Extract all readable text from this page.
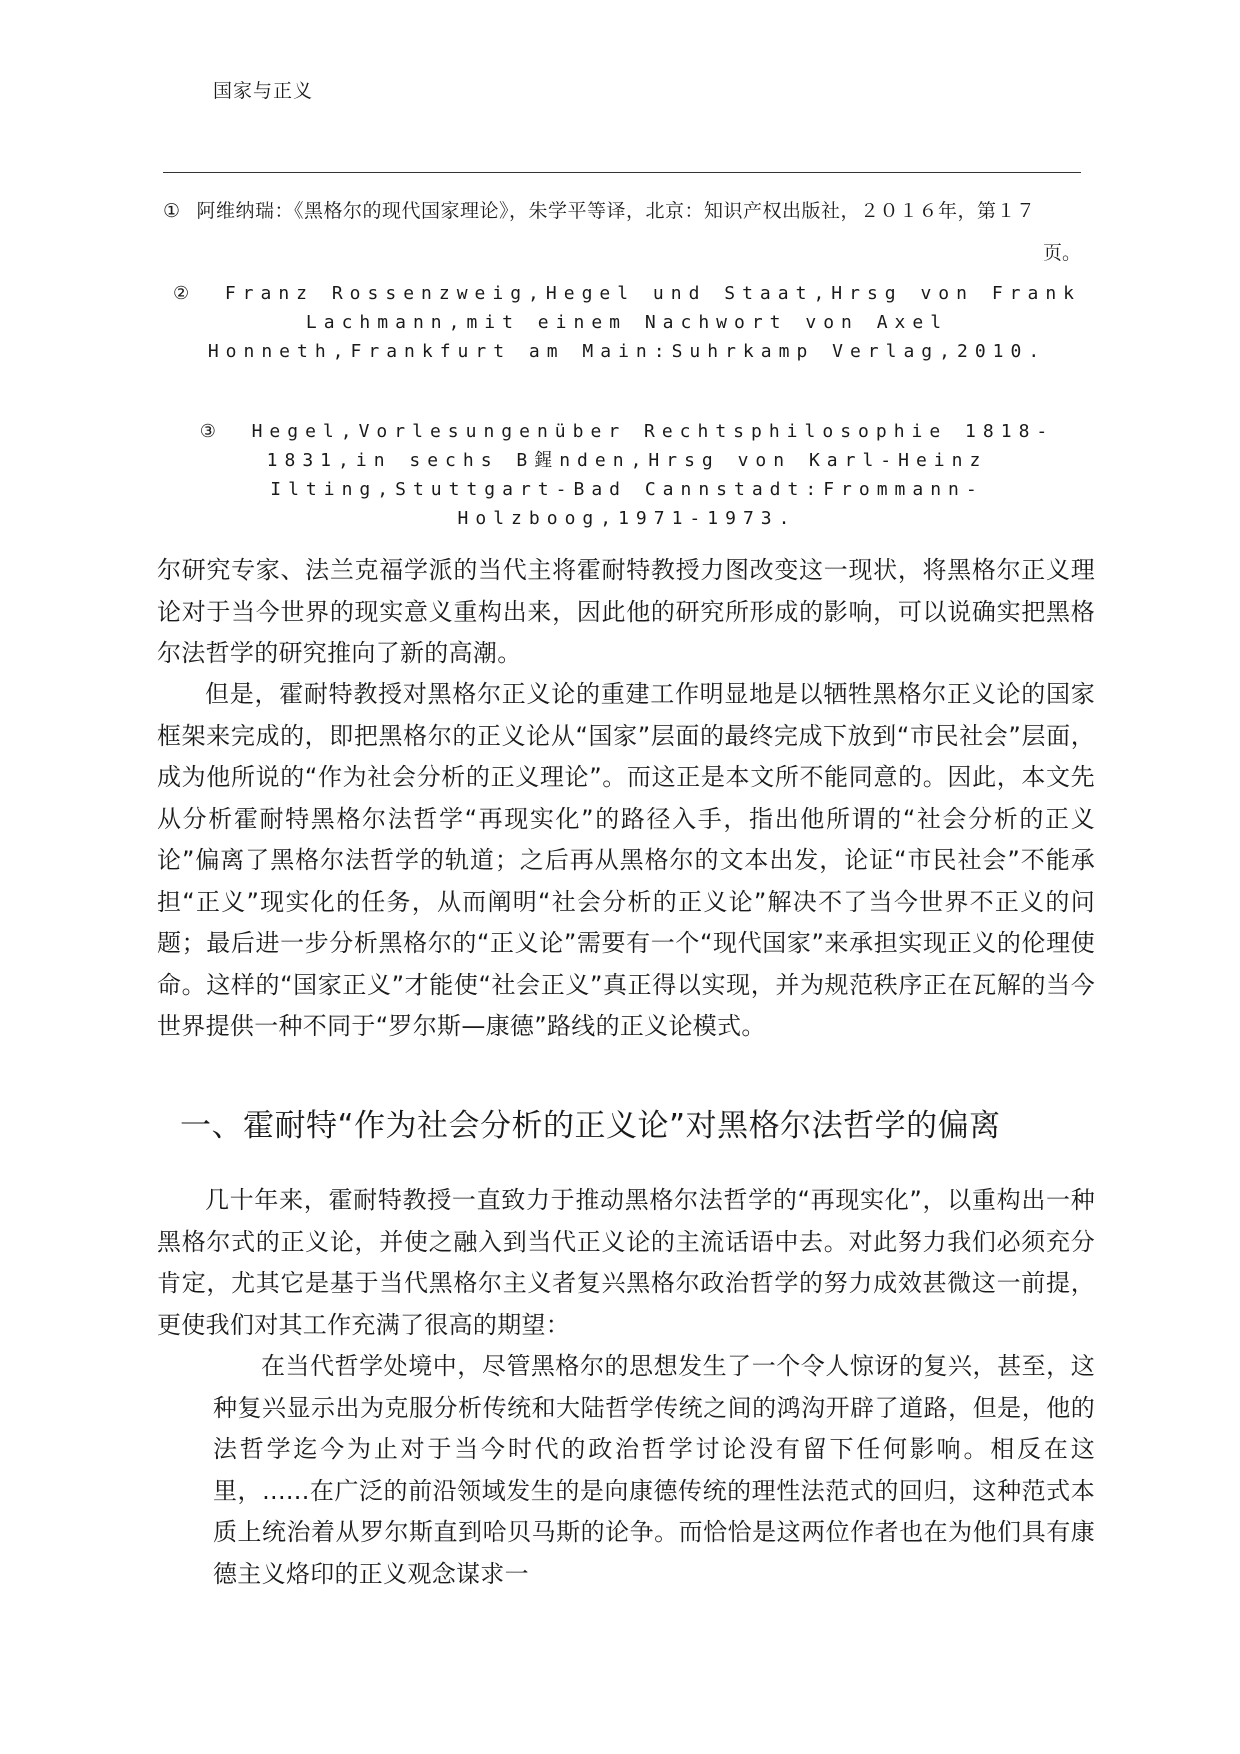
国家与正义
① 阿维纳瑞：《黑格尔的现代国家理论》，朱学平等译，北京：知识产权出版社，２０１６年，第１７
页。
② Franz Rossenzweig,Hegel und Staat,Hrsg von Frank Lachmann,mit einem Nachwort von Axel Honneth,Frankfurt am Main:Suhrkamp Verlag,2010.
③ Hegel,Vorlesungenüber Rechtsphilosophie 1818-1831,in sechs B鍟nden,Hrsg von Karl-Heinz Ilting,Stuttgart-Bad Cannstadt:Frommann-Holzboog,1971-1973.

尔研究专家、法兰克福学派的当代主将霍耐特教授力图改变这一现状，将黑格尔正义理论对于当今世界的现实意义重构出来，因此他的研究所形成的影响，可以说确实把黑格尔法哲学的研究推向了新的高潮。

但是，霍耐特教授对黑格尔正义论的重建工作明显地是以牺牲黑格尔正义论的国家框架来完成的，即把黑格尔的正义论从“国家”层面的最终完成下放到“市民社会”层面，成为他所说的“作为社会分析的正义理论”。而这正是本文所不能同意的。因此，本文先从分析霍耐特黑格尔法哲学“再现实化”的路径入手，指出他所谓的“社会分析的正义论”偏离了黑格尔法哲学的轨道；之后再从黑格尔的文本出发，论证“市民社会”不能承担“正义”现实化的任务，从而阐明“社会分析的正义论”解决不了当今世界不正义的问题；最后进一步分析黑格尔的“正义论”需要有一个“现代国家”来承担实现正义的伦理使命。这样的“国家正义”才能使“社会正义”真正得以实现，并为规范秩序正在瓦解的当今世界提供一种不同于“罗尔斯—康德”路线的正义论模式。

一、霍耐特“作为社会分析的正义论”对黑格尔法哲学的偏离

几十年来，霍耐特教授一直致力于推动黑格尔法哲学的“再现实化”，以重构出一种黑格尔式的正义论，并使之融入到当代正义论的主流话语中去。对此努力我们必须充分肯定，尤其它是基于当代黑格尔主义者复兴黑格尔政治哲学的努力成效甚微这一前提，更使我们对其工作充满了很高的期望：

在当代哲学处境中，尽管黑格尔的思想发生了一个令人惊讶的复兴，甚至，这种复兴显示出为克服分析传统和大陆哲学传统之间的鸿沟开辟了道路，但是，他的法哲学迄今为止对于当今时代的政治哲学讨论没有留下任何影响。相反在这里，......在广泛的前沿领域发生的是向康德传统的理性法范式的回归，这种范式本质上统治着从罗尔斯直到哈贝马斯的论争。而恰恰是这两位作者也在为他们具有康德主义烙印的正义观念谋求一
